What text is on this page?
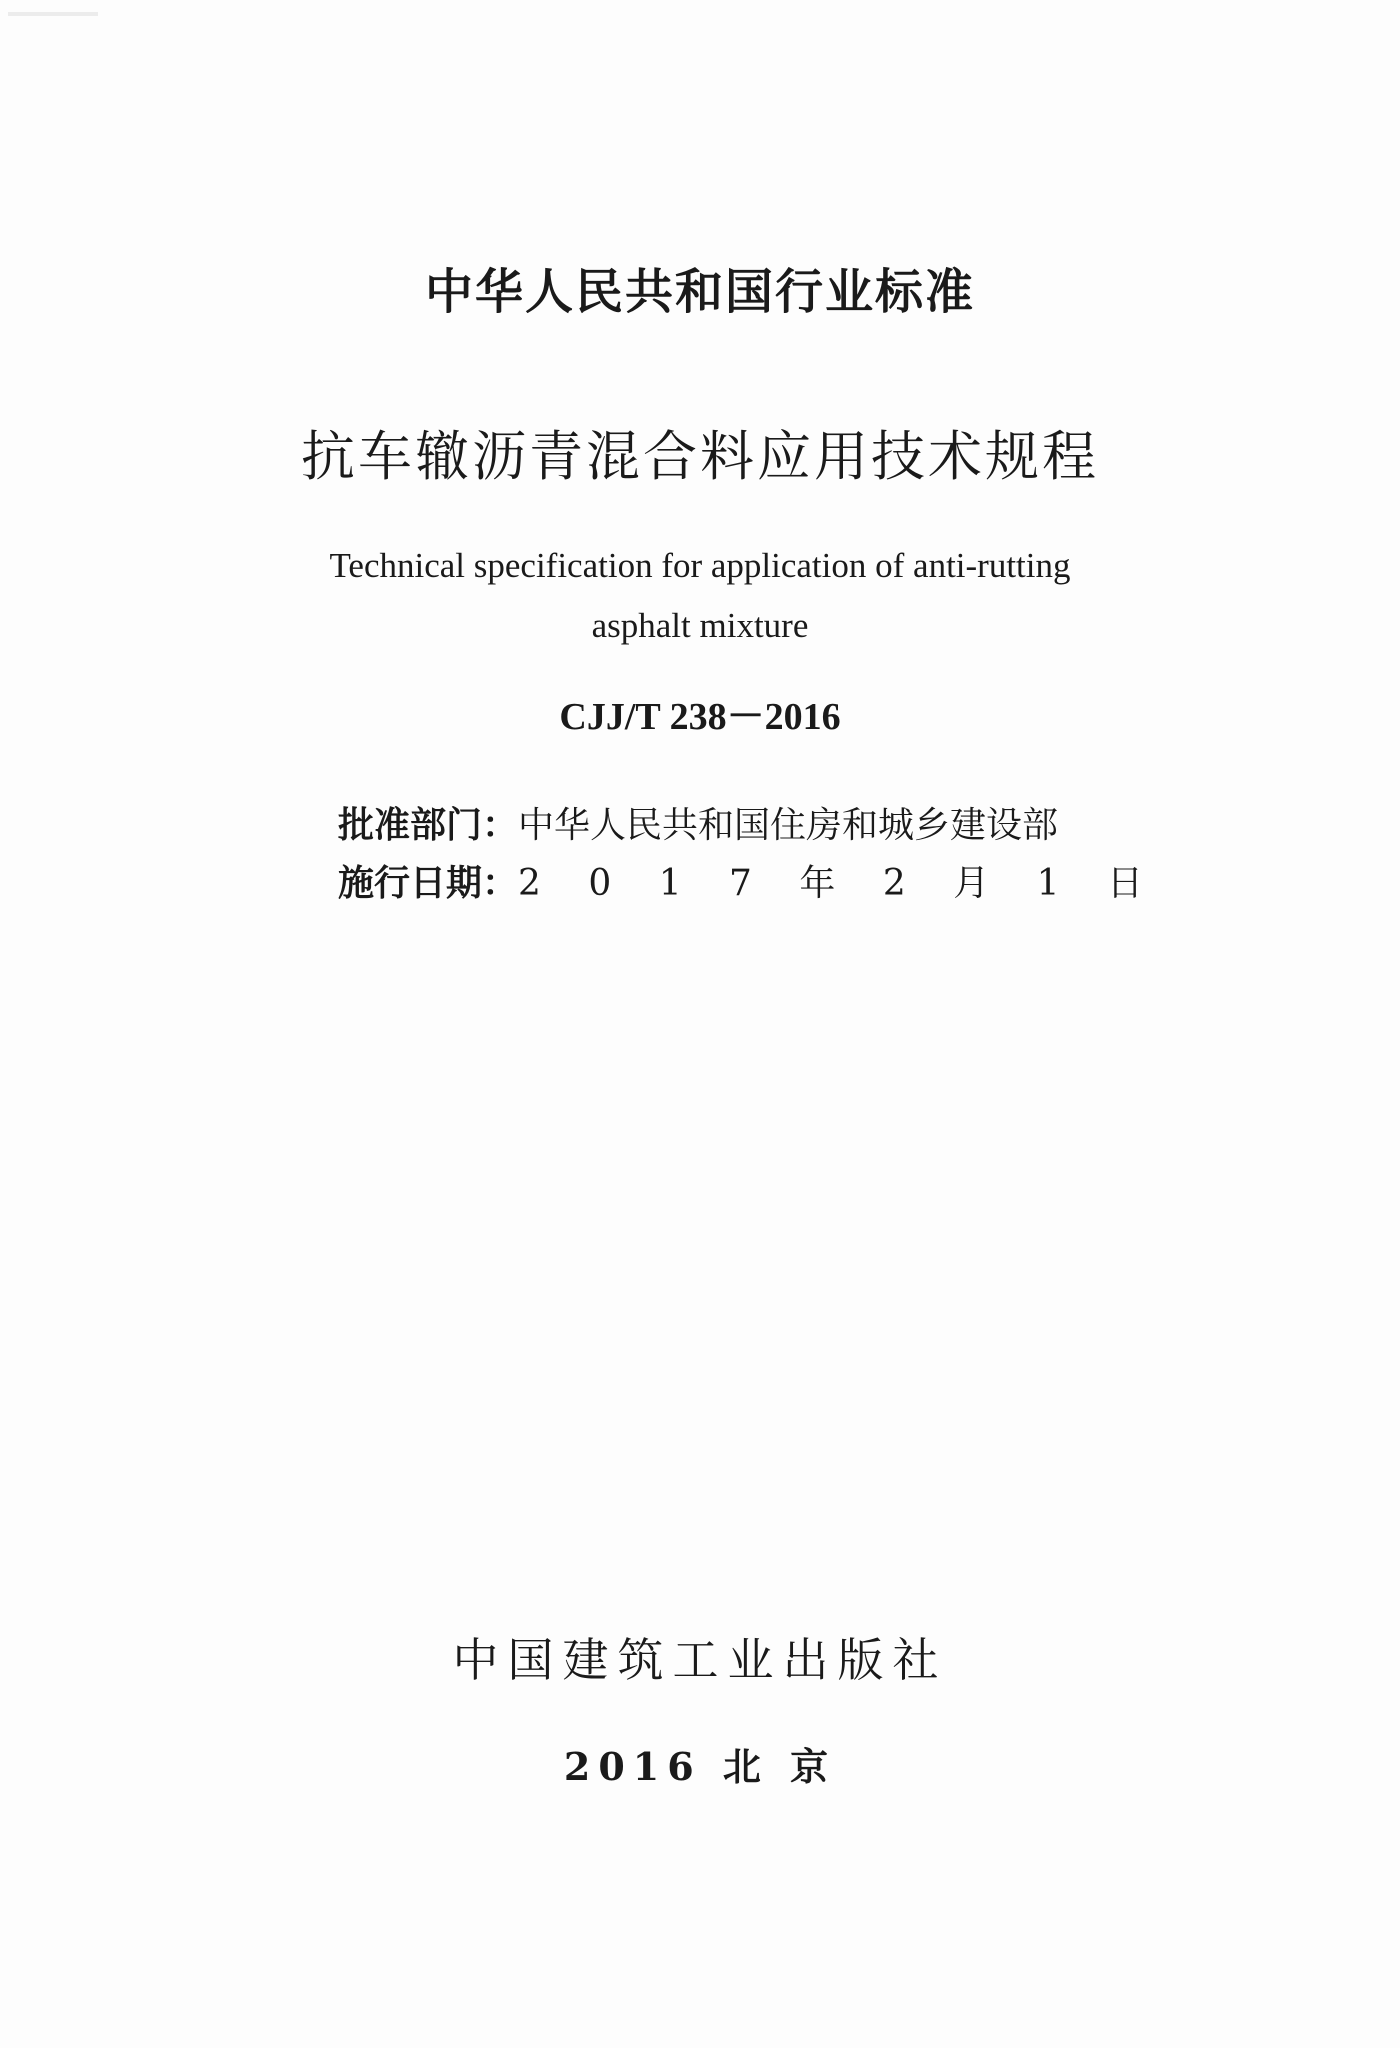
中华人民共和国行业标准
抗车辙沥青混合料应用技术规程
Technical specification for application of anti-rutting
asphalt mixture
CJJ/T 238－2016
批准部门：中华人民共和国住房和城乡建设部
施行日期：2 0 1 7 年 2 月 1 日
中国建筑工业出版社
2016 北 京
